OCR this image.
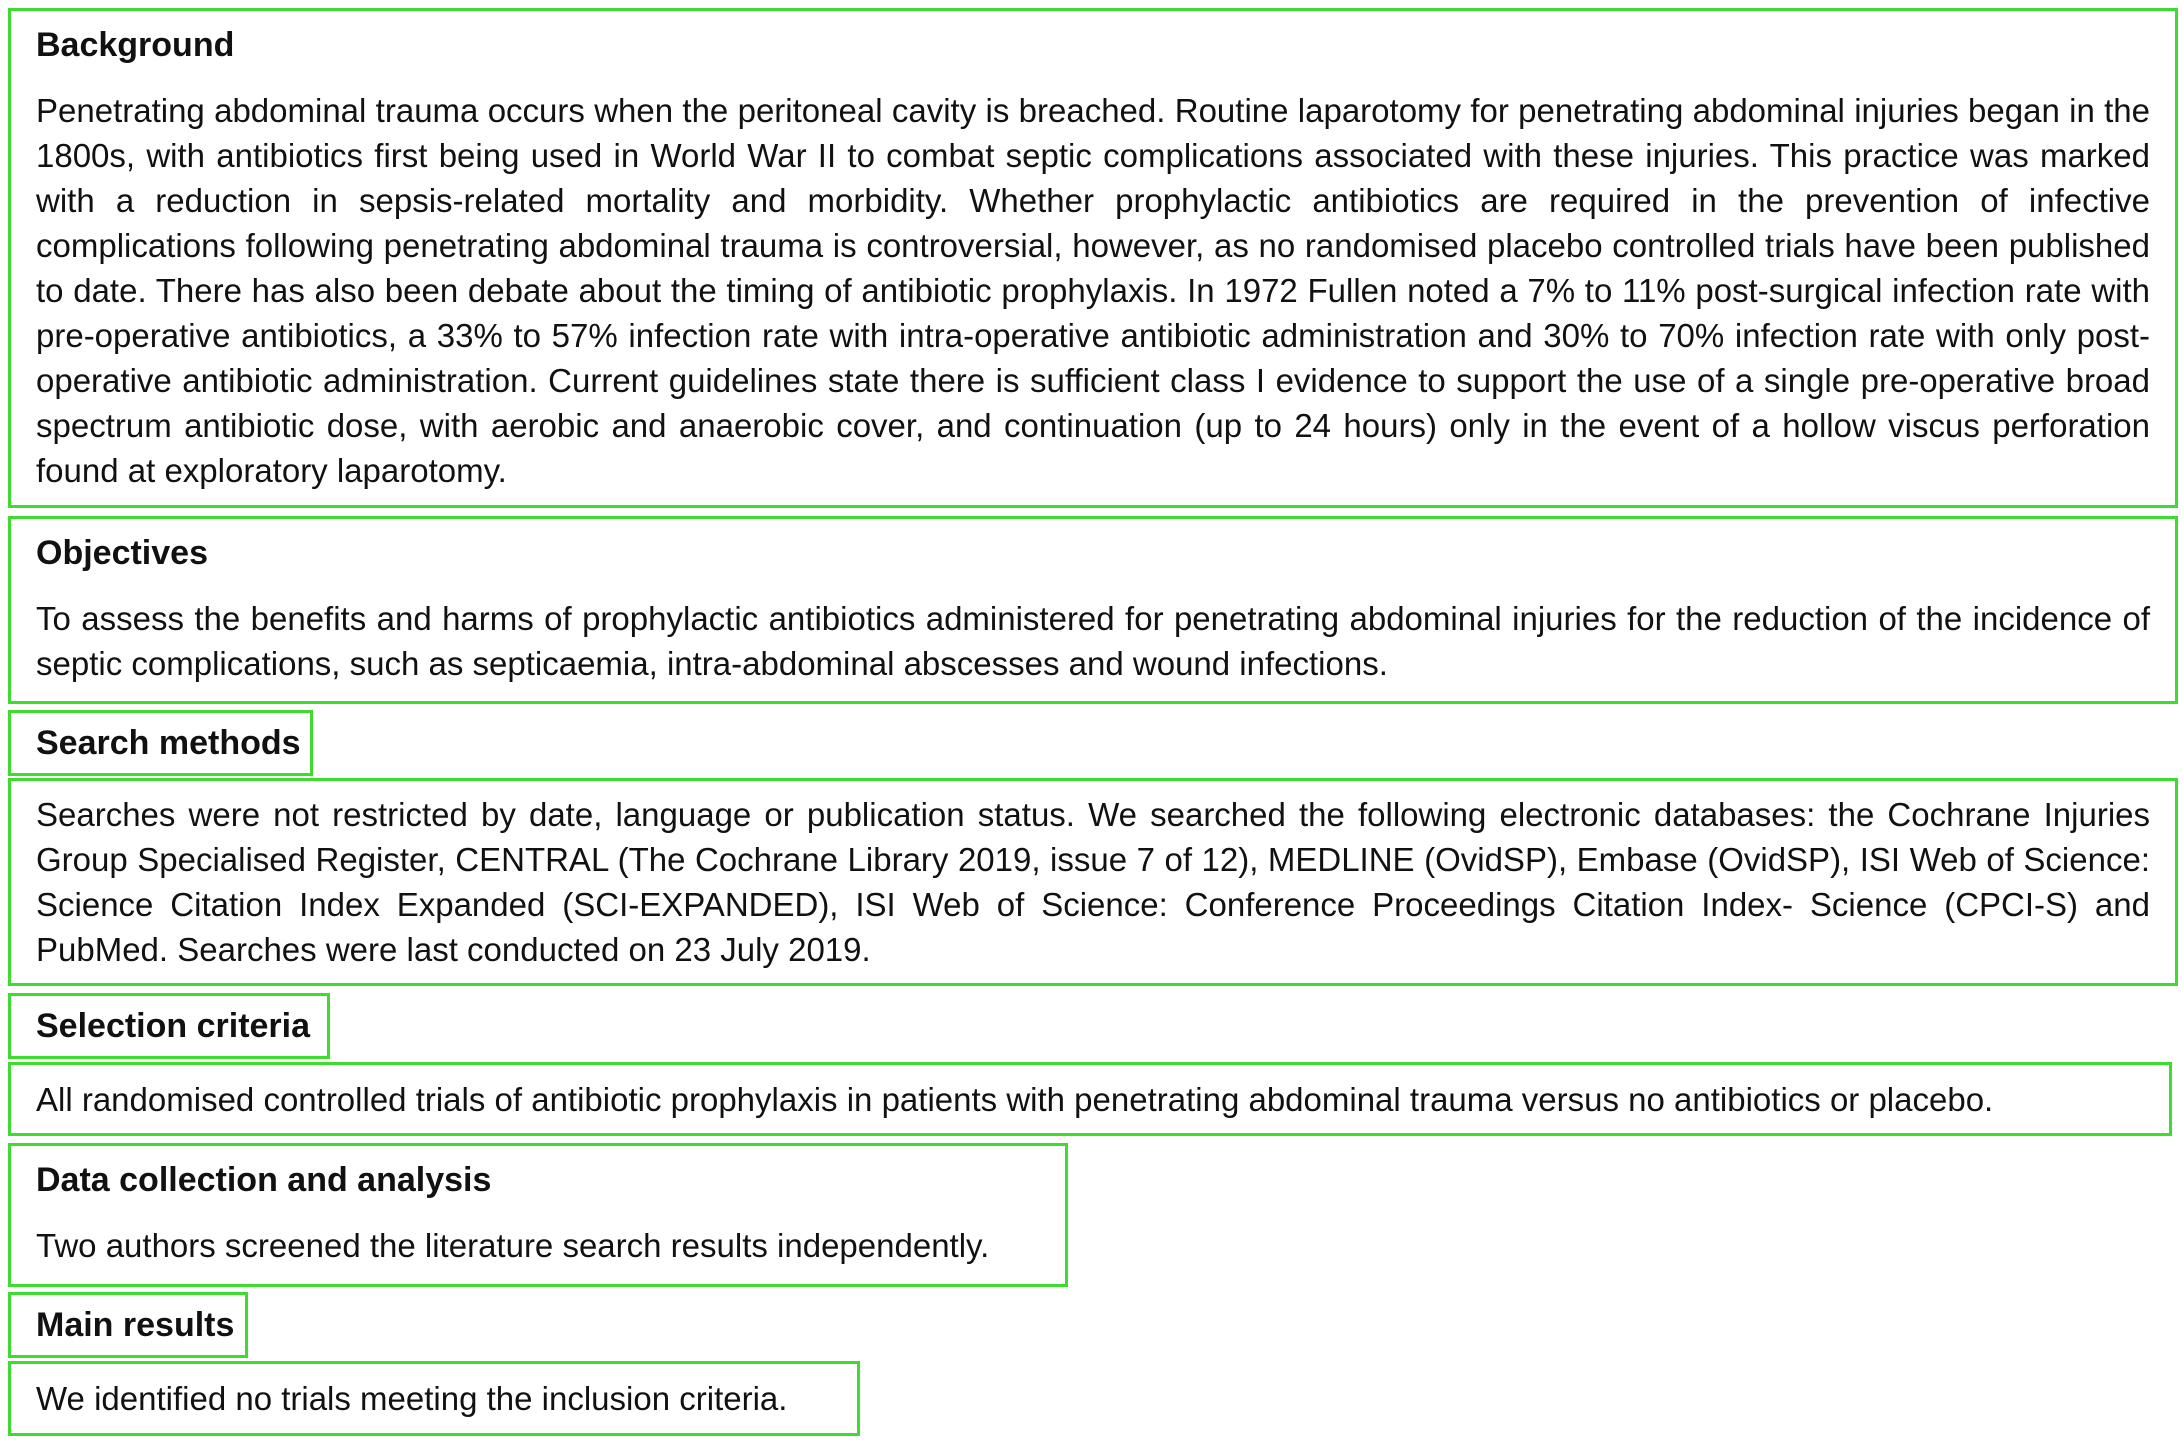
Background
Penetrating abdominal trauma occurs when the peritoneal cavity is breached. Routine laparotomy for penetrating abdominal injuries began in the 1800s, with antibiotics first being used in World War II to combat septic complications associated with these injuries. This practice was marked with a reduction in sepsis-related mortality and morbidity. Whether prophylactic antibiotics are required in the prevention of infective complications following penetrating abdominal trauma is controversial, however, as no randomised placebo controlled trials have been published to date. There has also been debate about the timing of antibiotic prophylaxis. In 1972 Fullen noted a 7% to 11% post-surgical infection rate with pre-operative antibiotics, a 33% to 57% infection rate with intra-operative antibiotic administration and 30% to 70% infection rate with only post-operative antibiotic administration. Current guidelines state there is sufficient class I evidence to support the use of a single pre-operative broad spectrum antibiotic dose, with aerobic and anaerobic cover, and continuation (up to 24 hours) only in the event of a hollow viscus perforation found at exploratory laparotomy.
Objectives
To assess the benefits and harms of prophylactic antibiotics administered for penetrating abdominal injuries for the reduction of the incidence of septic complications, such as septicaemia, intra-abdominal abscesses and wound infections.
Search methods
Searches were not restricted by date, language or publication status. We searched the following electronic databases: the Cochrane Injuries Group Specialised Register, CENTRAL (The Cochrane Library 2019, issue 7 of 12), MEDLINE (OvidSP), Embase (OvidSP), ISI Web of Science: Science Citation Index Expanded (SCI-EXPANDED), ISI Web of Science: Conference Proceedings Citation Index- Science (CPCI-S) and PubMed. Searches were last conducted on 23 July 2019.
Selection criteria
All randomised controlled trials of antibiotic prophylaxis in patients with penetrating abdominal trauma versus no antibiotics or placebo.
Data collection and analysis
Two authors screened the literature search results independently.
Main results
We identified no trials meeting the inclusion criteria.
